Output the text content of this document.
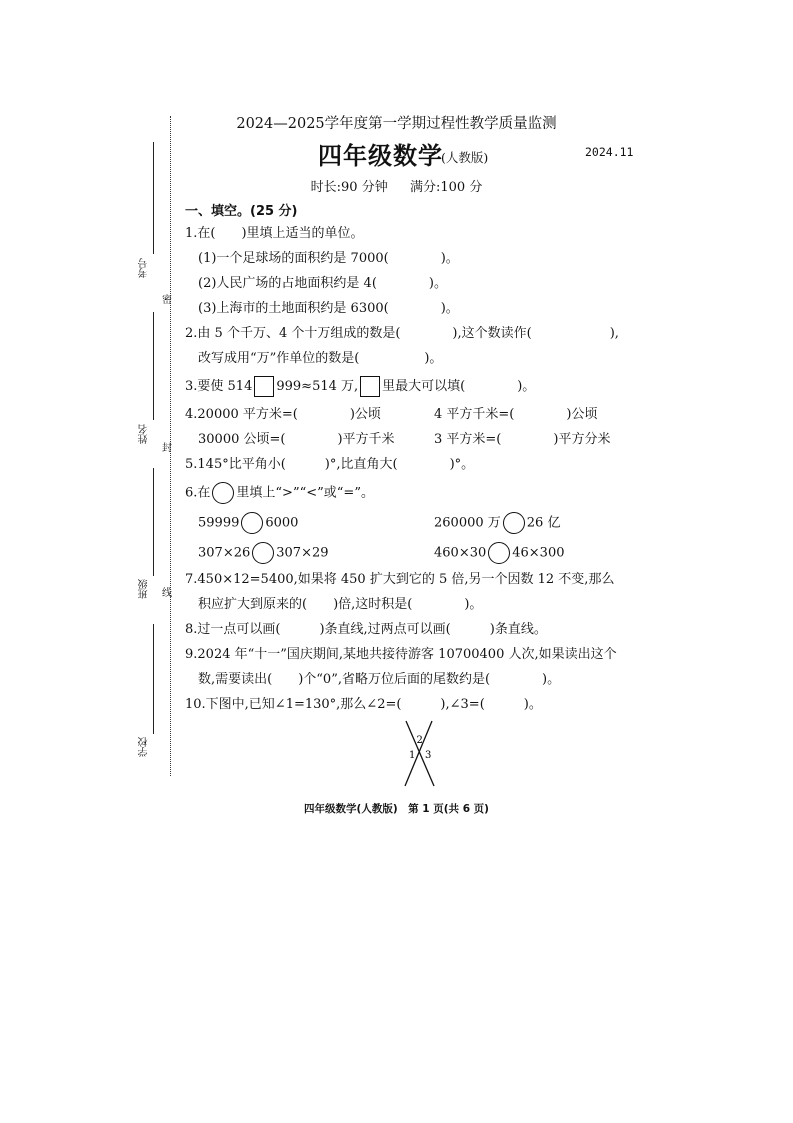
考号
姓名
班级
学校
密
封
线
2024—2025学年度第一学期过程性教学质量监测
四年级数学
(人教版)	2024.11
时长:90 分钟 满分:100 分
一、填空。(25 分)
1.在(　　)里填上适当的单位。
(1)一个足球场的面积约是 7000(　　　　)。
(2)人民广场的占地面积约是 4(　　　　)。
(3)上海市的土地面积约是 6300(　　　　)。
2.由 5 个千万、4 个十万组成的数是(　　　　),这个数读作(　　　　　　),
改写成用“万”作单位的数是(　　　　　)。
3.要使 514 999≈514 万, 里最大可以填(　　　　)。
4.20000 平方米=(　　　　)公顷	4 平方千米=(　　　　)公顷
30000 公顷=(　　　　)平方千米	3 平方米=(　　　　)平方分米
5.145°比平角小(　　　)°,比直角大(　　　　)°。
6.在 里填上“>”“<”或“=”。
59999 6000	260000 万 26 亿
307×26 307×29	460×30 46×300
7.450×12=5400,如果将 450 扩大到它的 5 倍,另一个因数 12 不变,那么
积应扩大到原来的(　　)倍,这时积是(　　　　)。
8.过一点可以画(　　　)条直线,过两点可以画(　　　)条直线。
9.2024 年“十一”国庆期间,某地共接待游客 10700400 人次,如果读出这个
数,需要读出(　　)个“0”,省略万位后面的尾数约是(　　　　)。
10.下图中,已知∠1=130°,那么∠2=(　　　),∠3=(　　　)。
1
2
3
四年级数学(人教版)　第 1 页(共 6 页)
